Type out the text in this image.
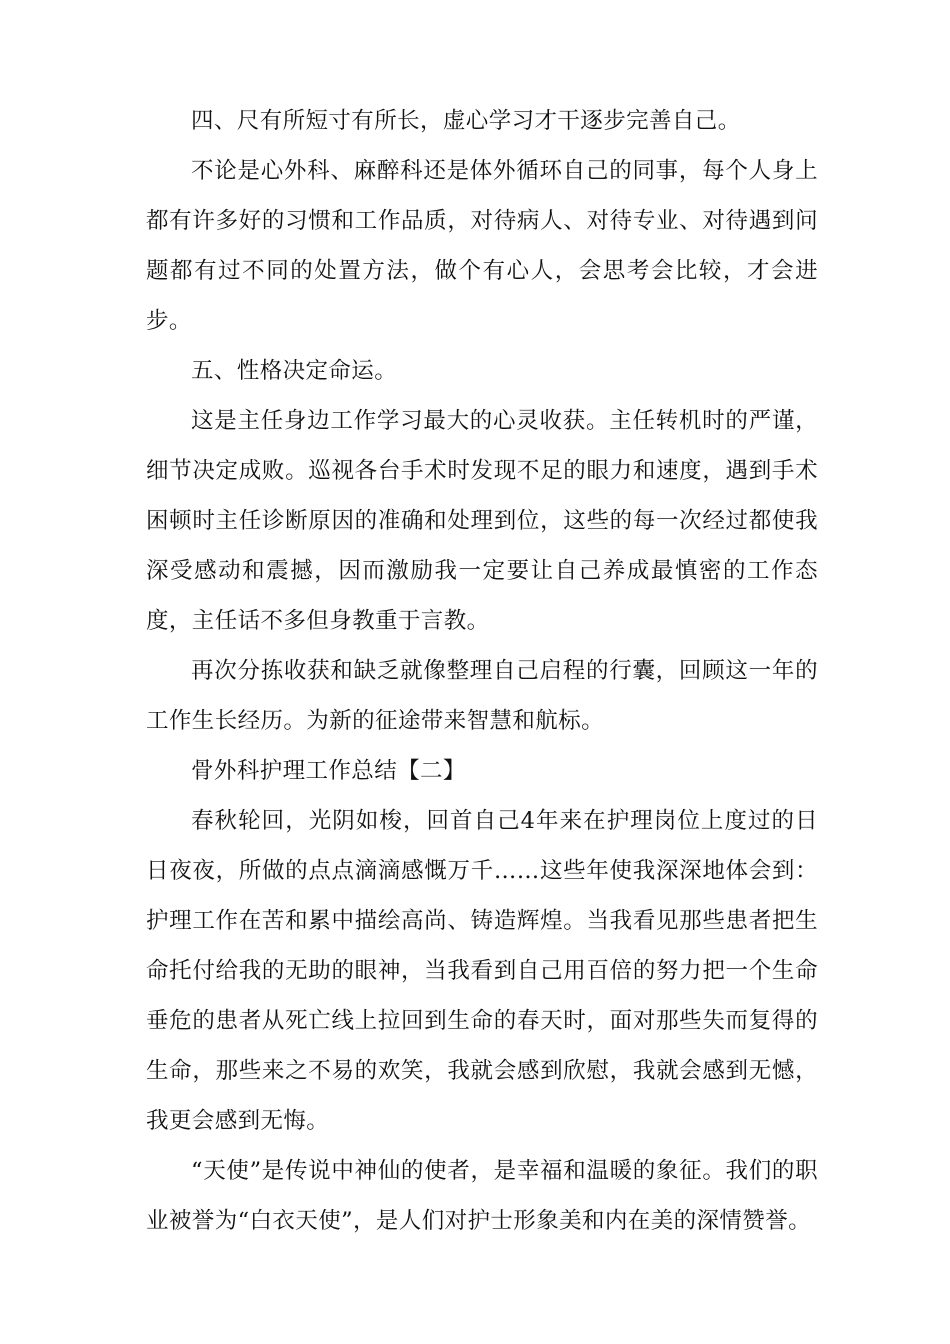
四、尺有所短寸有所长，虚心学习才干逐步完善自己。

不论是心外科、麻醉科还是体外循环自己的同事，每个人身上都有许多好的习惯和工作品质，对待病人、对待专业、对待遇到问题都有过不同的处置方法，做个有心人，会思考会比较，才会进步。

五、性格决定命运。

这是主任身边工作学习最大的心灵收获。主任转机时的严谨，细节决定成败。巡视各台手术时发现不足的眼力和速度，遇到手术困顿时主任诊断原因的准确和处理到位，这些的每一次经过都使我深受感动和震撼，因而激励我一定要让自己养成最慎密的工作态度，主任话不多但身教重于言教。

再次分拣收获和缺乏就像整理自己启程的行囊，回顾这一年的工作生长经历。为新的征途带来智慧和航标。

骨外科护理工作总结【二】

春秋轮回，光阴如梭，回首自己4年来在护理岗位上度过的日日夜夜，所做的点点滴滴感慨万千……这些年使我深深地体会到：护理工作在苦和累中描绘高尚、铸造辉煌。当我看见那些患者把生命托付给我的无助的眼神，当我看到自己用百倍的努力把一个生命垂危的患者从死亡线上拉回到生命的春天时，面对那些失而复得的生命，那些来之不易的欢笑，我就会感到欣慰，我就会感到无憾，我更会感到无悔。

“天使”是传说中神仙的使者，是幸福和温暖的象征。我们的职业被誉为“白衣天使”，是人们对护士形象美和内在美的深情赞誉。
